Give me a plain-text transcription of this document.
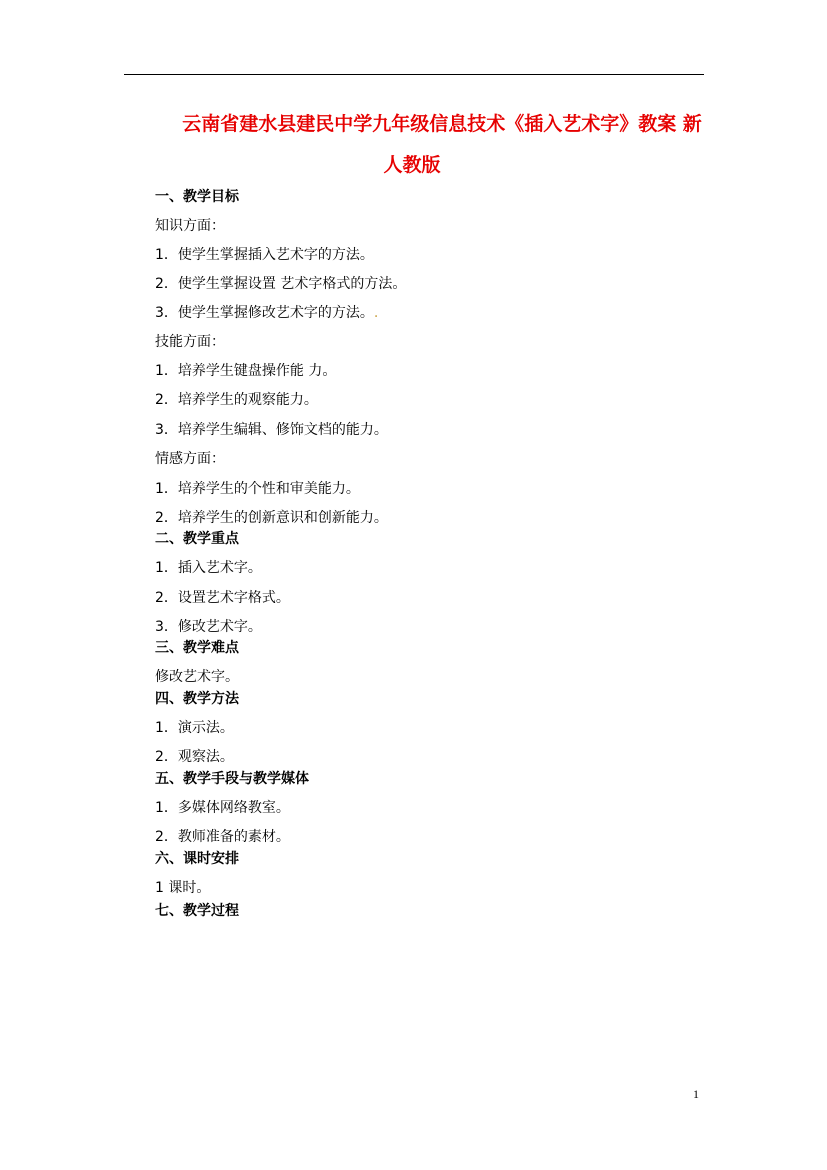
云南省建水县建民中学九年级信息技术《插入艺术字》教案 新
人教版
一、教学目标
知识方面：
1．使学生掌握插入艺术字的方法。
2．使学生掌握设置 艺术字格式的方法。
3．使学生掌握修改艺术字的方法。.
技能方面：
1．培养学生键盘操作能 力。
2．培养学生的观察能力。
3．培养学生编辑、修饰文档的能力。
情感方面：
1．培养学生的个性和审美能力。
2．培养学生的创新意识和创新能力。
二、教学重点
1．插入艺术字。
2．设置艺术字格式。
3．修改艺术字。
三、教学难点
修改艺术字。
四、教学方法
1．演示法。
2．观察法。
五、教学手段与教学媒体
1．多媒体网络教室。
2．教师准备的素材。
六、课时安排
1 课时。
七、教学过程
1
